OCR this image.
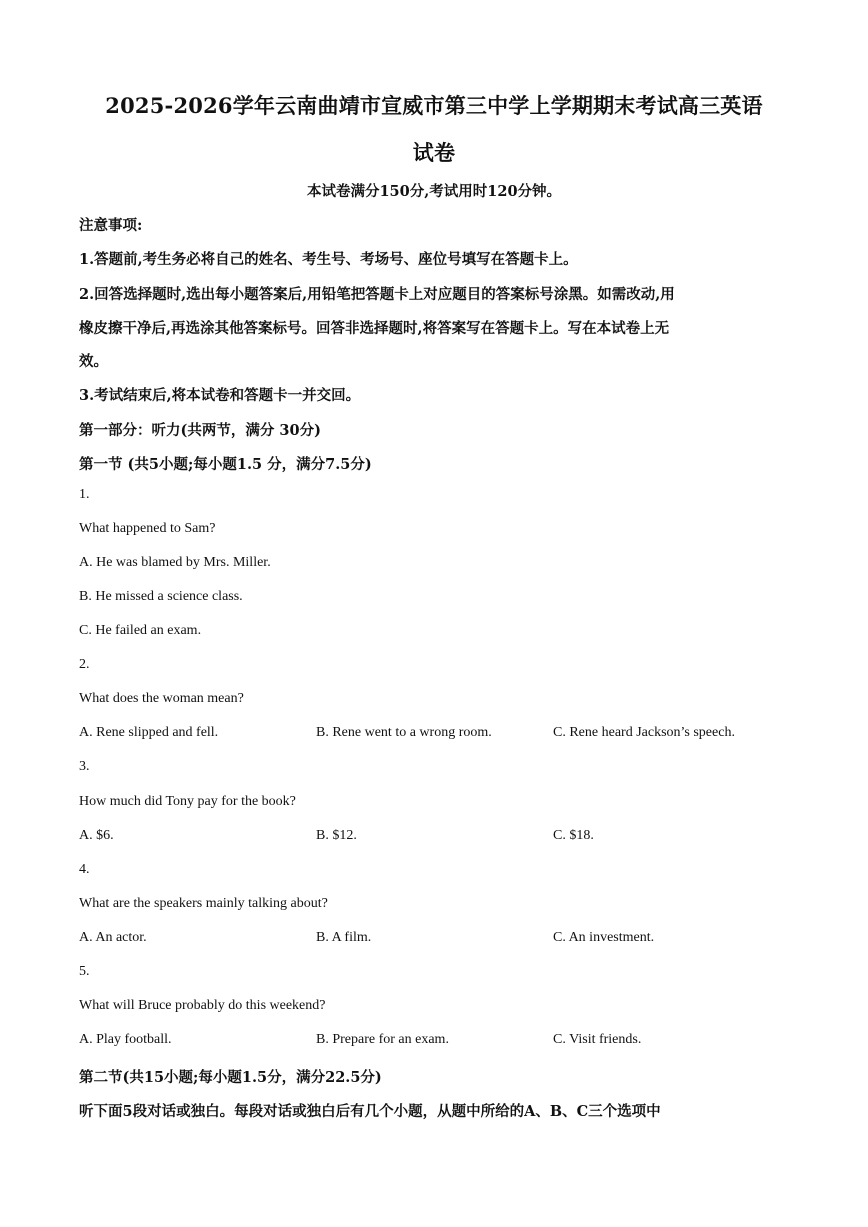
2025-2026学年云南曲靖市宣威市第三中学上学期期末考试高三英语
试卷
本试卷满分150分,考试用时120分钟。
注意事项:
1.答题前,考生务必将自己的姓名、考生号、考场号、座位号填写在答题卡上。
2.回答选择题时,选出每小题答案后,用铅笔把答题卡上对应题目的答案标号涂黑。如需改动,用
橡皮擦干净后,再选涂其他答案标号。回答非选择题时,将答案写在答题卡上。写在本试卷上无
效。
3.考试结束后,将本试卷和答题卡一并交回。
第一部分：听力(共两节，满分 30分)
第一节 (共5小题;每小题1.5 分，满分7.5分)
1.
What happened to Sam?
A. He was blamed by Mrs. Miller.
B. He missed a science class.
C. He failed an exam.
2.
What does the woman mean?
A. Rene slipped and fell.	B. Rene went to a wrong room.	C. Rene heard Jackson’s speech.
3.
How much did Tony pay for the book?
A. $6.	B. $12.	C. $18.
4.
What are the speakers mainly talking about?
A. An actor.	B. A film.	C. An investment.
5.
What will Bruce probably do this weekend?
A. Play football.	B. Prepare for an exam.	C. Visit friends.
第二节(共15小题;每小题1.5分，满分22.5分)
听下面5段对话或独白。每段对话或独白后有几个小题，从题中所给的A、B、C三个选项中
